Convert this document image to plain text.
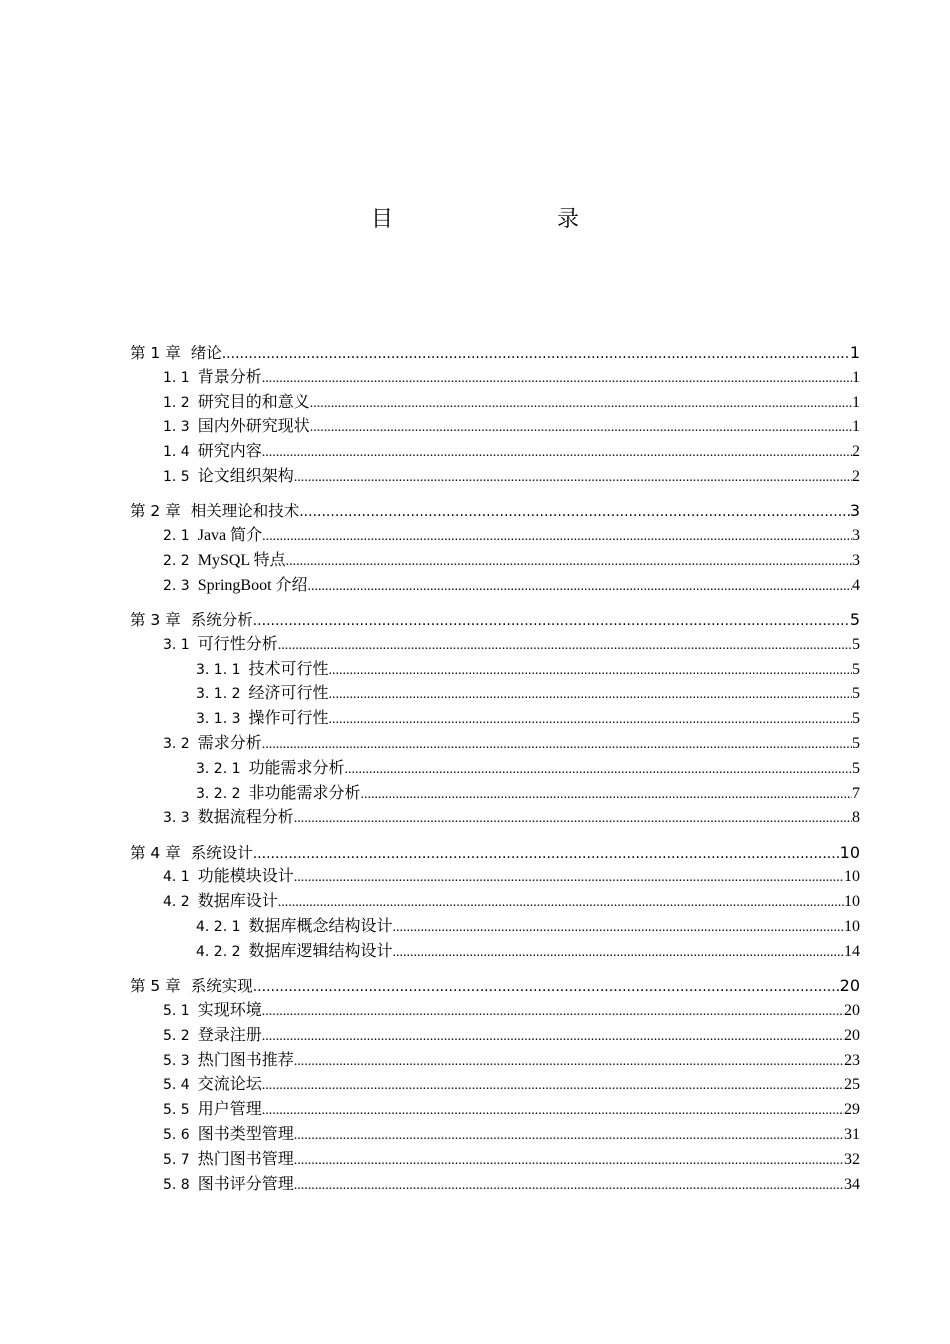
目　　录
第 1 章 绪论 .....	1
1. 1 背景分析 .....	1
1. 2 研究目的和意义 .....	1
1. 3 国内外研究现状 .....	1
1. 4 研究内容 .....	2
1. 5 论文组织架构 .....	2
第 2 章 相关理论和技术 .....	3
2. 1 Java 简介 .....	3
2. 2 MySQL 特点 .....	3
2. 3 SpringBoot 介绍 .....	4
第 3 章 系统分析 .....	5
3. 1 可行性分析 .....	5
3. 1. 1 技术可行性 .....	5
3. 1. 2 经济可行性 .....	5
3. 1. 3 操作可行性 .....	5
3. 2 需求分析 .....	5
3. 2. 1 功能需求分析 .....	5
3. 2. 2 非功能需求分析 .....	7
3. 3 数据流程分析 .....	8
第 4 章 系统设计 .....	10
4. 1 功能模块设计 .....	10
4. 2 数据库设计 .....	10
4. 2. 1 数据库概念结构设计 .....	10
4. 2. 2 数据库逻辑结构设计 .....	14
第 5 章 系统实现 .....	20
5. 1 实现环境 .....	20
5. 2 登录注册 .....	20
5. 3 热门图书推荐 .....	23
5. 4 交流论坛 .....	25
5. 5 用户管理 .....	29
5. 6 图书类型管理 .....	31
5. 7 热门图书管理 .....	32
5. 8 图书评分管理 .....	34
